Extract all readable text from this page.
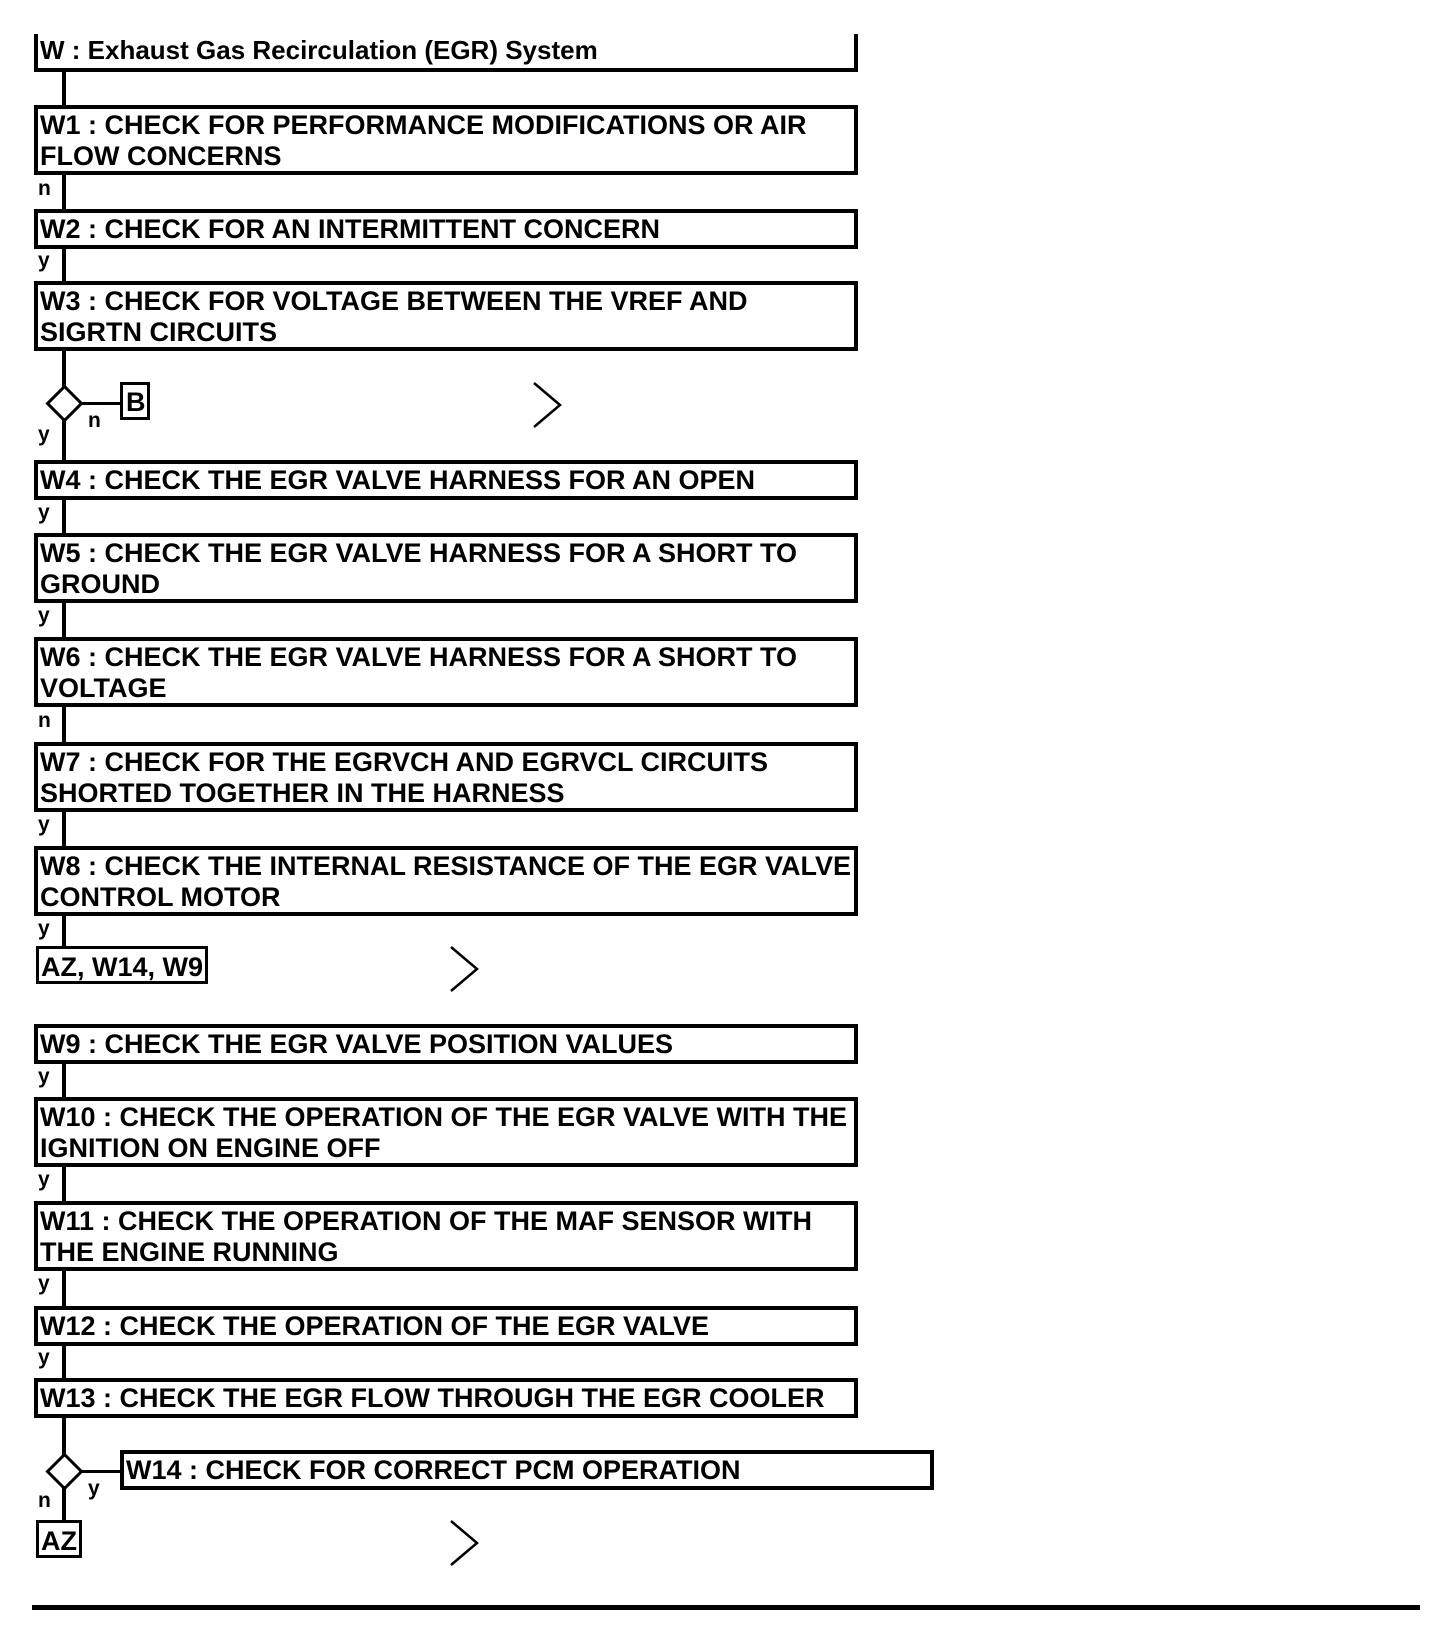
W : Exhaust Gas Recirculation (EGR) System
W1 : CHECK FOR PERFORMANCE MODIFICATIONS OR AIR FLOW CONCERNS
n
W2 : CHECK FOR AN INTERMITTENT CONCERN
y
W3 : CHECK FOR VOLTAGE BETWEEN THE VREF AND SIGRTN CIRCUITS
B
n
y
W4 : CHECK THE EGR VALVE HARNESS FOR AN OPEN
y
W5 : CHECK THE EGR VALVE HARNESS FOR A SHORT TO GROUND
y
W6 : CHECK THE EGR VALVE HARNESS FOR A SHORT TO VOLTAGE
n
W7 : CHECK FOR THE EGRVCH AND EGRVCL CIRCUITS SHORTED TOGETHER IN THE HARNESS
y
W8 : CHECK THE INTERNAL RESISTANCE OF THE EGR VALVE CONTROL MOTOR
y
AZ, W14, W9
W9 : CHECK THE EGR VALVE POSITION VALUES
y
W10 : CHECK THE OPERATION OF THE EGR VALVE WITH THE IGNITION ON ENGINE OFF
y
W11 : CHECK THE OPERATION OF THE MAF SENSOR WITH THE ENGINE RUNNING
y
W12 : CHECK THE OPERATION OF THE EGR VALVE
y
W13 : CHECK THE EGR FLOW THROUGH THE EGR COOLER
W14 : CHECK FOR CORRECT PCM OPERATION
y
n
AZ
